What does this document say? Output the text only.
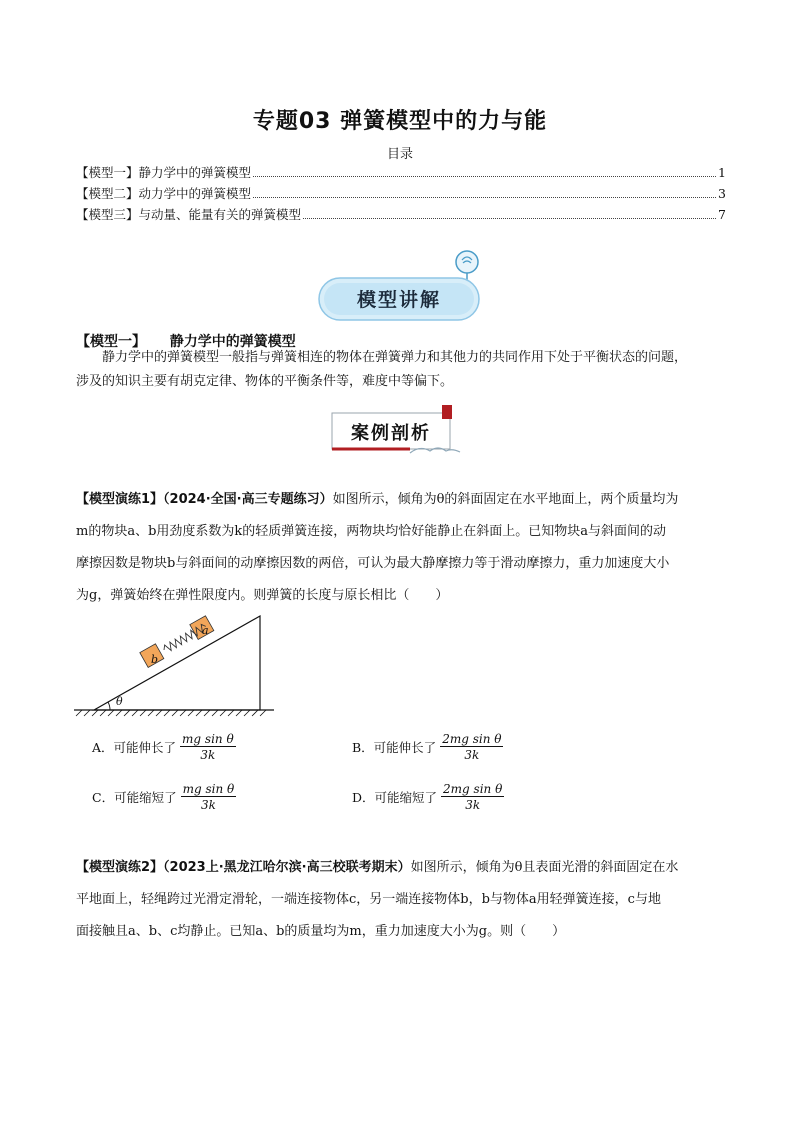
专题03 弹簧模型中的力与能
目录
【模型一】静力学中的弹簧模型	1
【模型二】动力学中的弹簧模型	3
【模型三】与动量、能量有关的弹簧模型	7
模型讲解
【模型一】 静力学中的弹簧模型
静力学中的弹簧模型一般指与弹簧相连的物体在弹簧弹力和其他力的共同作用下处于平衡状态的问题，
涉及的知识主要有胡克定律、物体的平衡条件等，难度中等偏下。
案例剖析
【模型演练1】（2024·全国·高三专题练习）如图所示，倾角为θ的斜面固定在水平地面上，两个质量均为
m的物块a、b用劲度系数为k的轻质弹簧连接，两物块均恰好能静止在斜面上。已知物块a与斜面间的动
摩擦因数是物块b与斜面间的动摩擦因数的两倍，可认为最大静摩擦力等于滑动摩擦力，重力加速度大小
为g，弹簧始终在弹性限度内。则弹簧的长度与原长相比（　　）
b
a
θ
A．可能伸长了 $\frac{\text{mg sin θ}}{3k}$	B．可能伸长了 $\frac{\text{2mg sin θ}}{3k}$
C．可能缩短了 $\frac{\text{mg sin θ}}{3k}$	D．可能缩短了 $\frac{\text{2mg sin θ}}{3k}$
【模型演练2】（2023上·黑龙江哈尔滨·高三校联考期末）如图所示，倾角为θ且表面光滑的斜面固定在水
平地面上，轻绳跨过光滑定滑轮，一端连接物体c，另一端连接物体b，b与物体a用轻弹簧连接，c与地
面接触且a、b、c均静止。已知a、b的质量均为m，重力加速度大小为g。则（　　）
